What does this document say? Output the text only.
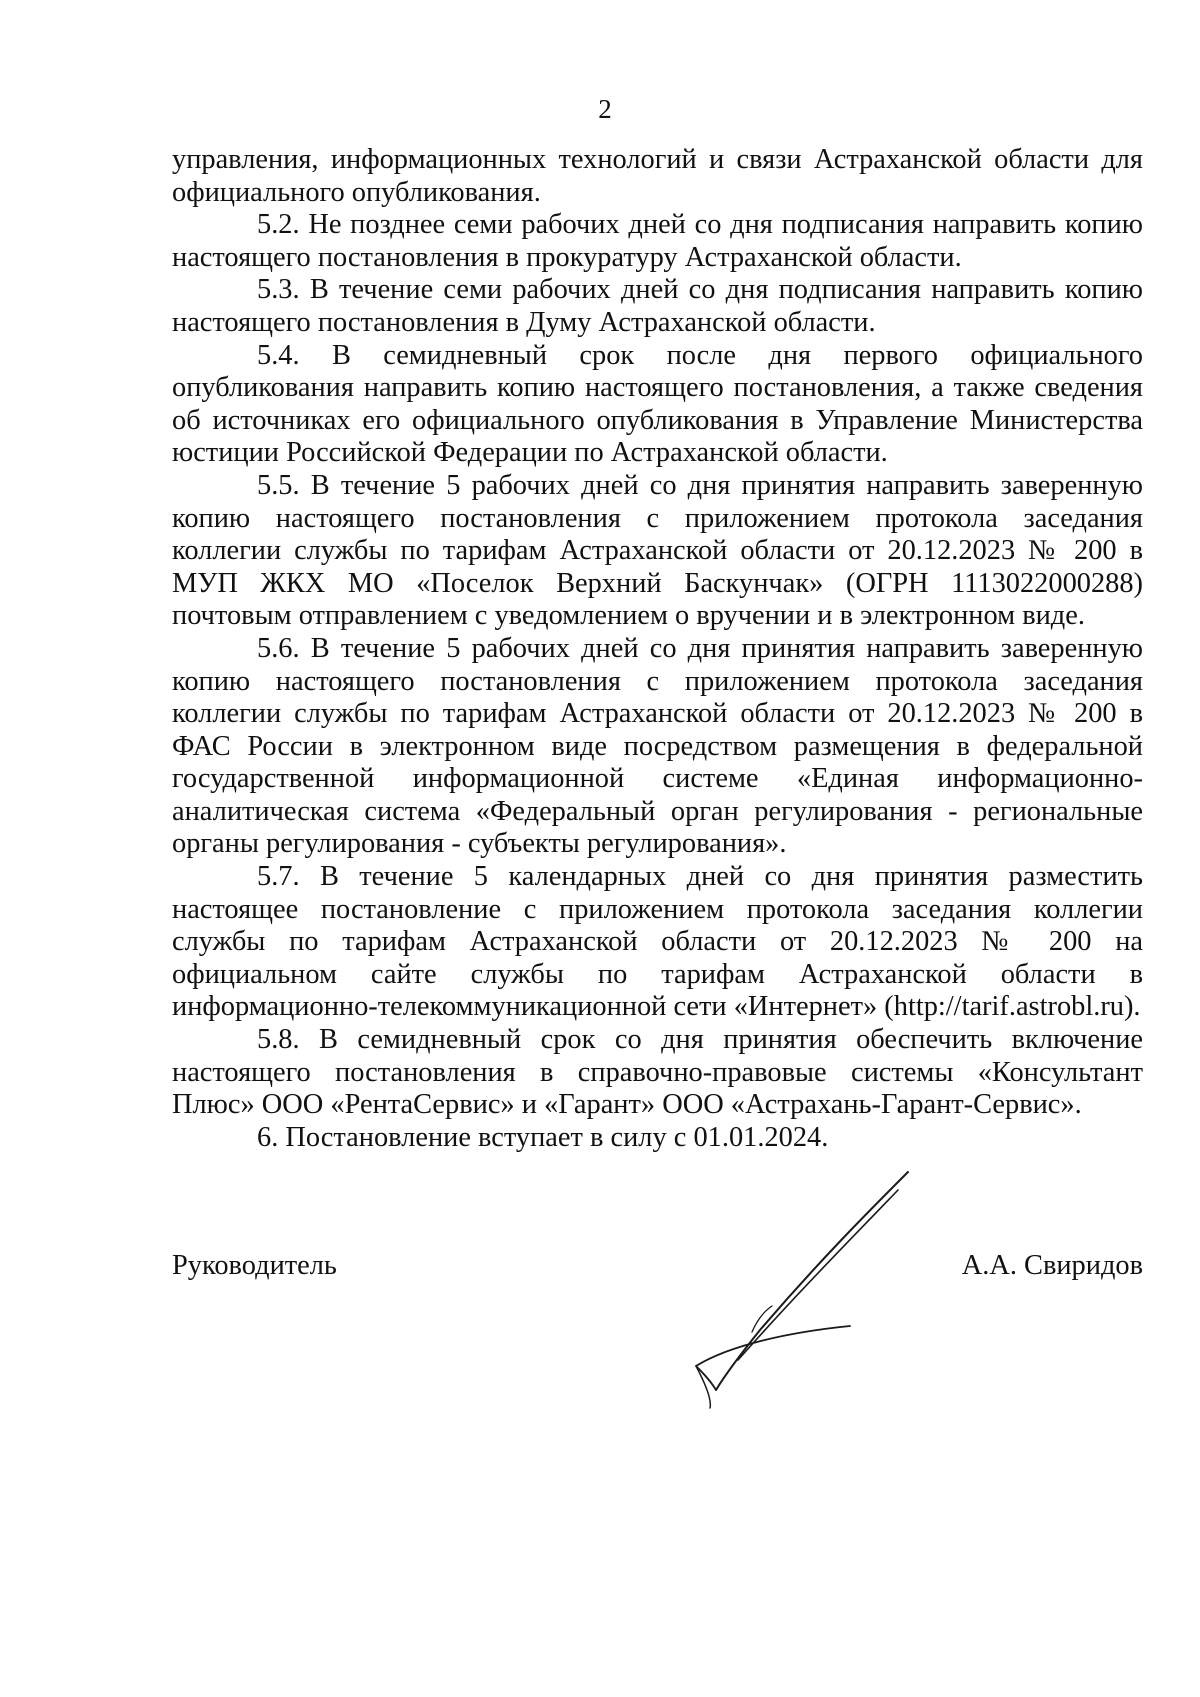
2

управления, информационных технологий и связи Астраханской области для официального опубликования.

5.2. Не позднее семи рабочих дней со дня подписания направить копию настоящего постановления в прокуратуру Астраханской области.

5.3. В течение семи рабочих дней со дня подписания направить копию настоящего постановления в Думу Астраханской области.

5.4. В семидневный срок после дня первого официального опубликования направить копию настоящего постановления, а также сведения об источниках его официального опубликования в Управление Министерства юстиции Российской Федерации по Астраханской области.

5.5. В течение 5 рабочих дней со дня принятия направить заверенную копию настоящего постановления с приложением протокола заседания коллегии службы по тарифам Астраханской области от 20.12.2023 № 200 в МУП ЖКХ МО «Поселок Верхний Баскунчак» (ОГРН 1113022000288) почтовым отправлением с уведомлением о вручении и в электронном виде.

5.6. В течение 5 рабочих дней со дня принятия направить заверенную копию настоящего постановления с приложением протокола заседания коллегии службы по тарифам Астраханской области от 20.12.2023 № 200 в ФАС России в электронном виде посредством размещения в федеральной государственной информационной системе «Единая информационно-аналитическая система «Федеральный орган регулирования - региональные органы регулирования - субъекты регулирования».

5.7. В течение 5 календарных дней со дня принятия разместить настоящее постановление с приложением протокола заседания коллегии службы по тарифам Астраханской области от 20.12.2023 № 200 на официальном сайте службы по тарифам Астраханской области в информационно-телекоммуникационной сети «Интернет» (http://tarif.astrobl.ru).

5.8. В семидневный срок со дня принятия обеспечить включение настоящего постановления в справочно-правовые системы «Консультант Плюс» ООО «РентаСервис» и «Гарант» ООО «Астрахань-Гарант-Сервис».

6. Постановление вступает в силу с 01.01.2024.

Руководитель	А.А. Свиридов
